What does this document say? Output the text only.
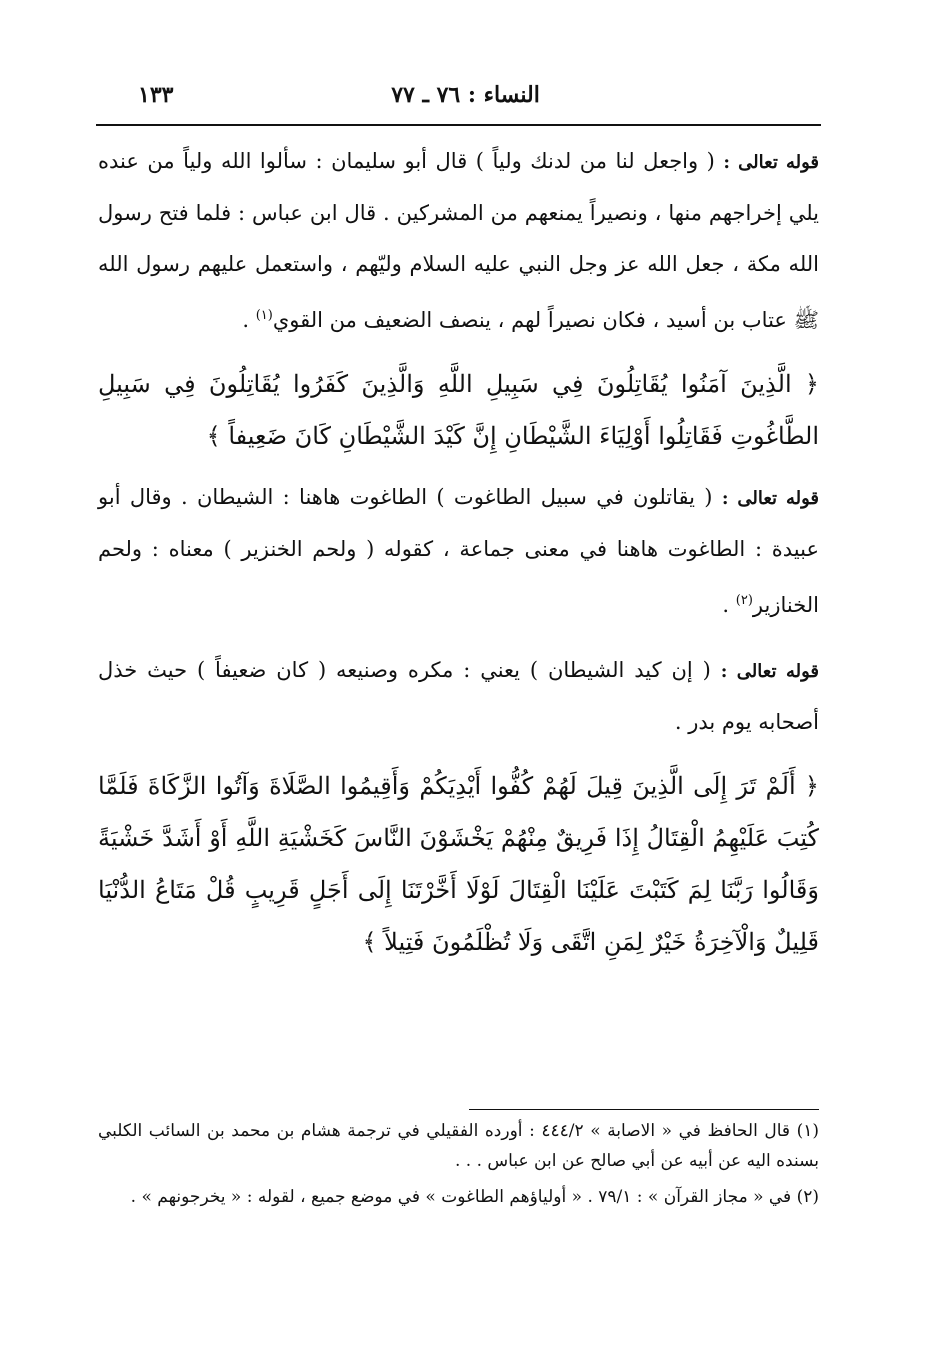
النساء : ٧٦ ـ ٧٧
١٣٣

قوله تعالى : ( واجعل لنا من لدنك ولياً ) قال أبو سليمان : سألوا الله ولياً من عنده يلي إخراجهم منها ، ونصيراً يمنعهم من المشركين . قال ابن عباس : فلما فتح رسول الله مكة ، جعل الله عز وجل النبي عليه السلام وليّهم ، واستعمل عليهم رسول الله ﷺ عتاب بن أسيد ، فكان نصيراً لهم ، ينصف الضعيف من القوي$^{(١)}$ .

﴿ الَّذِينَ آمَنُوا يُقَاتِلُونَ فِي سَبِيلِ اللَّهِ وَالَّذِينَ كَفَرُوا يُقَاتِلُونَ فِي سَبِيلِ الطَّاغُوتِ فَقَاتِلُوا أَوْلِيَاءَ الشَّيْطَانِ إِنَّ كَيْدَ الشَّيْطَانِ كَانَ ضَعِيفاً ﴾

قوله تعالى : ( يقاتلون في سبيل الطاغوت ) الطاغوت هاهنا : الشيطان . وقال أبو عبيدة : الطاغوت هاهنا في معنى جماعة ، كقوله ( ولحم الخنزير ) معناه : ولحم الخنازير$^{(٢)}$ .

قوله تعالى : ( إن كيد الشيطان ) يعني : مكره وصنيعه ( كان ضعيفاً ) حيث خذل أصحابه يوم بدر .

﴿ أَلَمْ تَرَ إِلَى الَّذِينَ قِيلَ لَهُمْ كُفُّوا أَيْدِيَكُمْ وَأَقِيمُوا الصَّلَاةَ وَآتُوا الزَّكَاةَ فَلَمَّا كُتِبَ عَلَيْهِمُ الْقِتَالُ إِذَا فَرِيقٌ مِنْهُمْ يَخْشَوْنَ النَّاسَ كَخَشْيَةِ اللَّهِ أَوْ أَشَدَّ خَشْيَةً وَقَالُوا رَبَّنَا لِمَ كَتَبْتَ عَلَيْنَا الْقِتَالَ لَوْلَا أَخَّرْتَنَا إِلَى أَجَلٍ قَرِيبٍ قُلْ مَتَاعُ الدُّنْيَا قَلِيلٌ وَالْآخِرَةُ خَيْرٌ لِمَنِ اتَّقَى وَلَا تُظْلَمُونَ فَتِيلاً ﴾

(١) قال الحافظ في « الاصابة » ٤٤٤/٢ : أورده الفقيلي في ترجمة هشام بن محمد بن السائب الكلبي بسنده اليه عن أبيه عن أبي صالح عن ابن عباس . . .

(٢) في « مجاز القرآن » : ٧٩/١ . « أولياؤهم الطاغوت » في موضع جميع ، لقوله : « يخرجونهم » .
